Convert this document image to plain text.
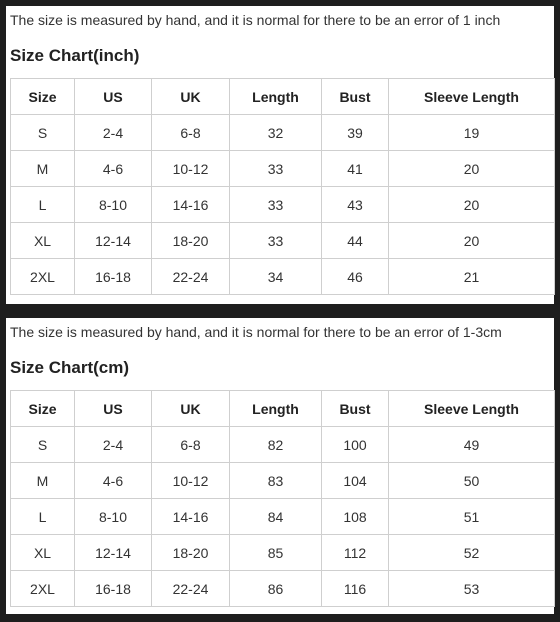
The size is measured by hand, and it is normal for there to be an error of 1 inch
Size Chart(inch)
Size	US	UK	Length	Bust	Sleeve Length
S	2-4	6-8	32	39	19
M	4-6	10-12	33	41	20
L	8-10	14-16	33	43	20
XL	12-14	18-20	33	44	20
2XL	16-18	22-24	34	46	21
The size is measured by hand, and it is normal for there to be an error of 1-3cm
Size Chart(cm)
Size	US	UK	Length	Bust	Sleeve Length
S	2-4	6-8	82	100	49
M	4-6	10-12	83	104	50
L	8-10	14-16	84	108	51
XL	12-14	18-20	85	112	52
2XL	16-18	22-24	86	116	53
